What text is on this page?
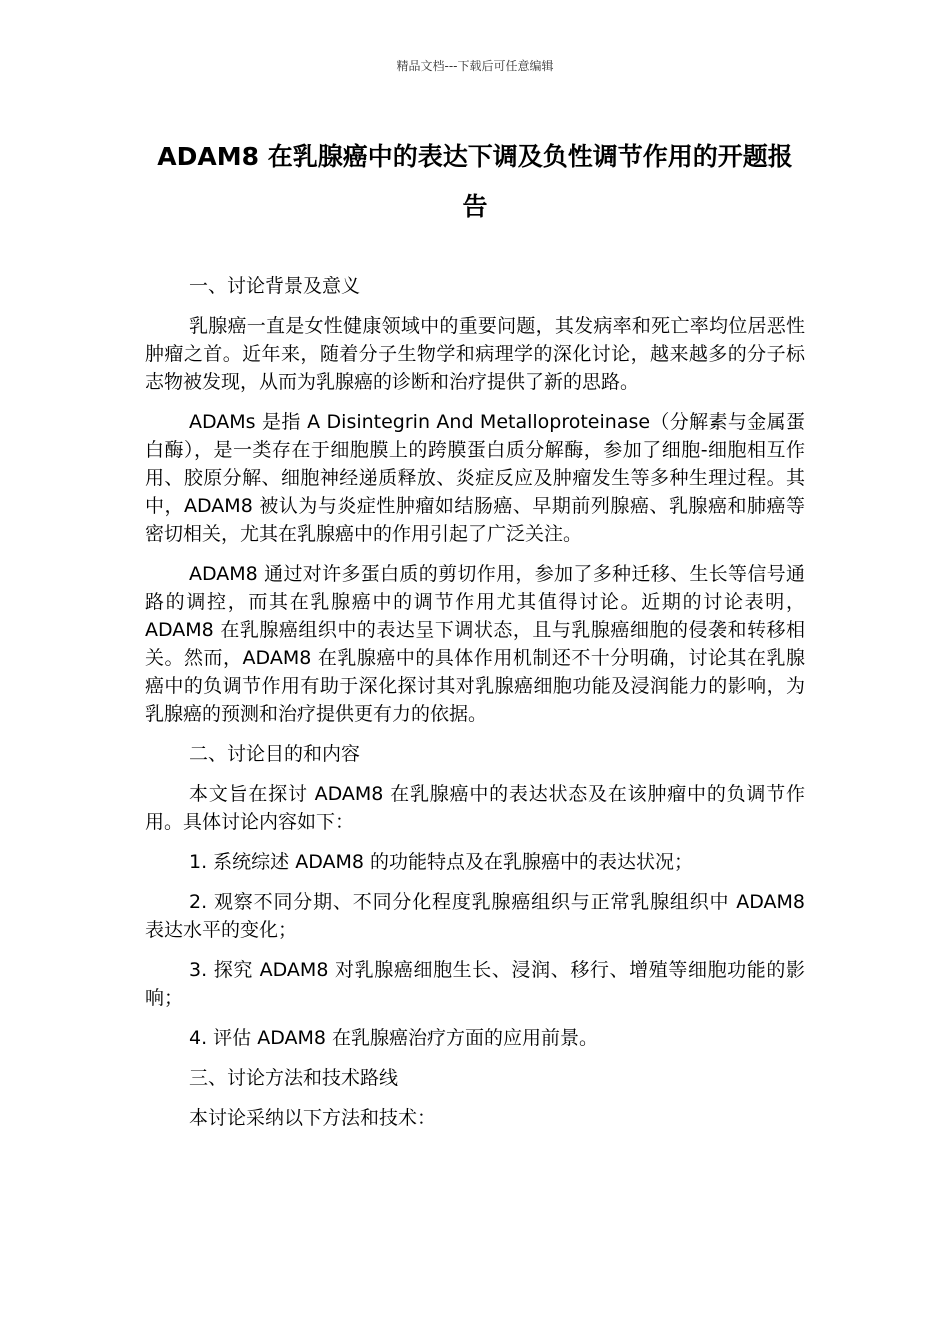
精品文档---下载后可任意编辑
ADAM8 在乳腺癌中的表达下调及负性调节作用的开题报告

一、讨论背景及意义

乳腺癌一直是女性健康领域中的重要问题，其发病率和死亡率均位居恶性肿瘤之首。近年来，随着分子生物学和病理学的深化讨论，越来越多的分子标志物被发现，从而为乳腺癌的诊断和治疗提供了新的思路。

ADAMs 是指 A Disintegrin And Metalloproteinase（分解素与金属蛋白酶），是一类存在于细胞膜上的跨膜蛋白质分解酶，参加了细胞-细胞相互作用、胶原分解、细胞神经递质释放、炎症反应及肿瘤发生等多种生理过程。其中，ADAM8 被认为与炎症性肿瘤如结肠癌、早期前列腺癌、乳腺癌和肺癌等密切相关，尤其在乳腺癌中的作用引起了广泛关注。

ADAM8 通过对许多蛋白质的剪切作用，参加了多种迁移、生长等信号通路的调控，而其在乳腺癌中的调节作用尤其值得讨论。近期的讨论表明，ADAM8 在乳腺癌组织中的表达呈下调状态，且与乳腺癌细胞的侵袭和转移相关。然而，ADAM8 在乳腺癌中的具体作用机制还不十分明确，讨论其在乳腺癌中的负调节作用有助于深化探讨其对乳腺癌细胞功能及浸润能力的影响，为乳腺癌的预测和治疗提供更有力的依据。

二、讨论目的和内容

本文旨在探讨 ADAM8 在乳腺癌中的表达状态及在该肿瘤中的负调节作用。具体讨论内容如下：

1. 系统综述 ADAM8 的功能特点及在乳腺癌中的表达状况；

2. 观察不同分期、不同分化程度乳腺癌组织与正常乳腺组织中 ADAM8 表达水平的变化；

3. 探究 ADAM8 对乳腺癌细胞生长、浸润、移行、增殖等细胞功能的影响；

4. 评估 ADAM8 在乳腺癌治疗方面的应用前景。

三、讨论方法和技术路线

本讨论采纳以下方法和技术：
